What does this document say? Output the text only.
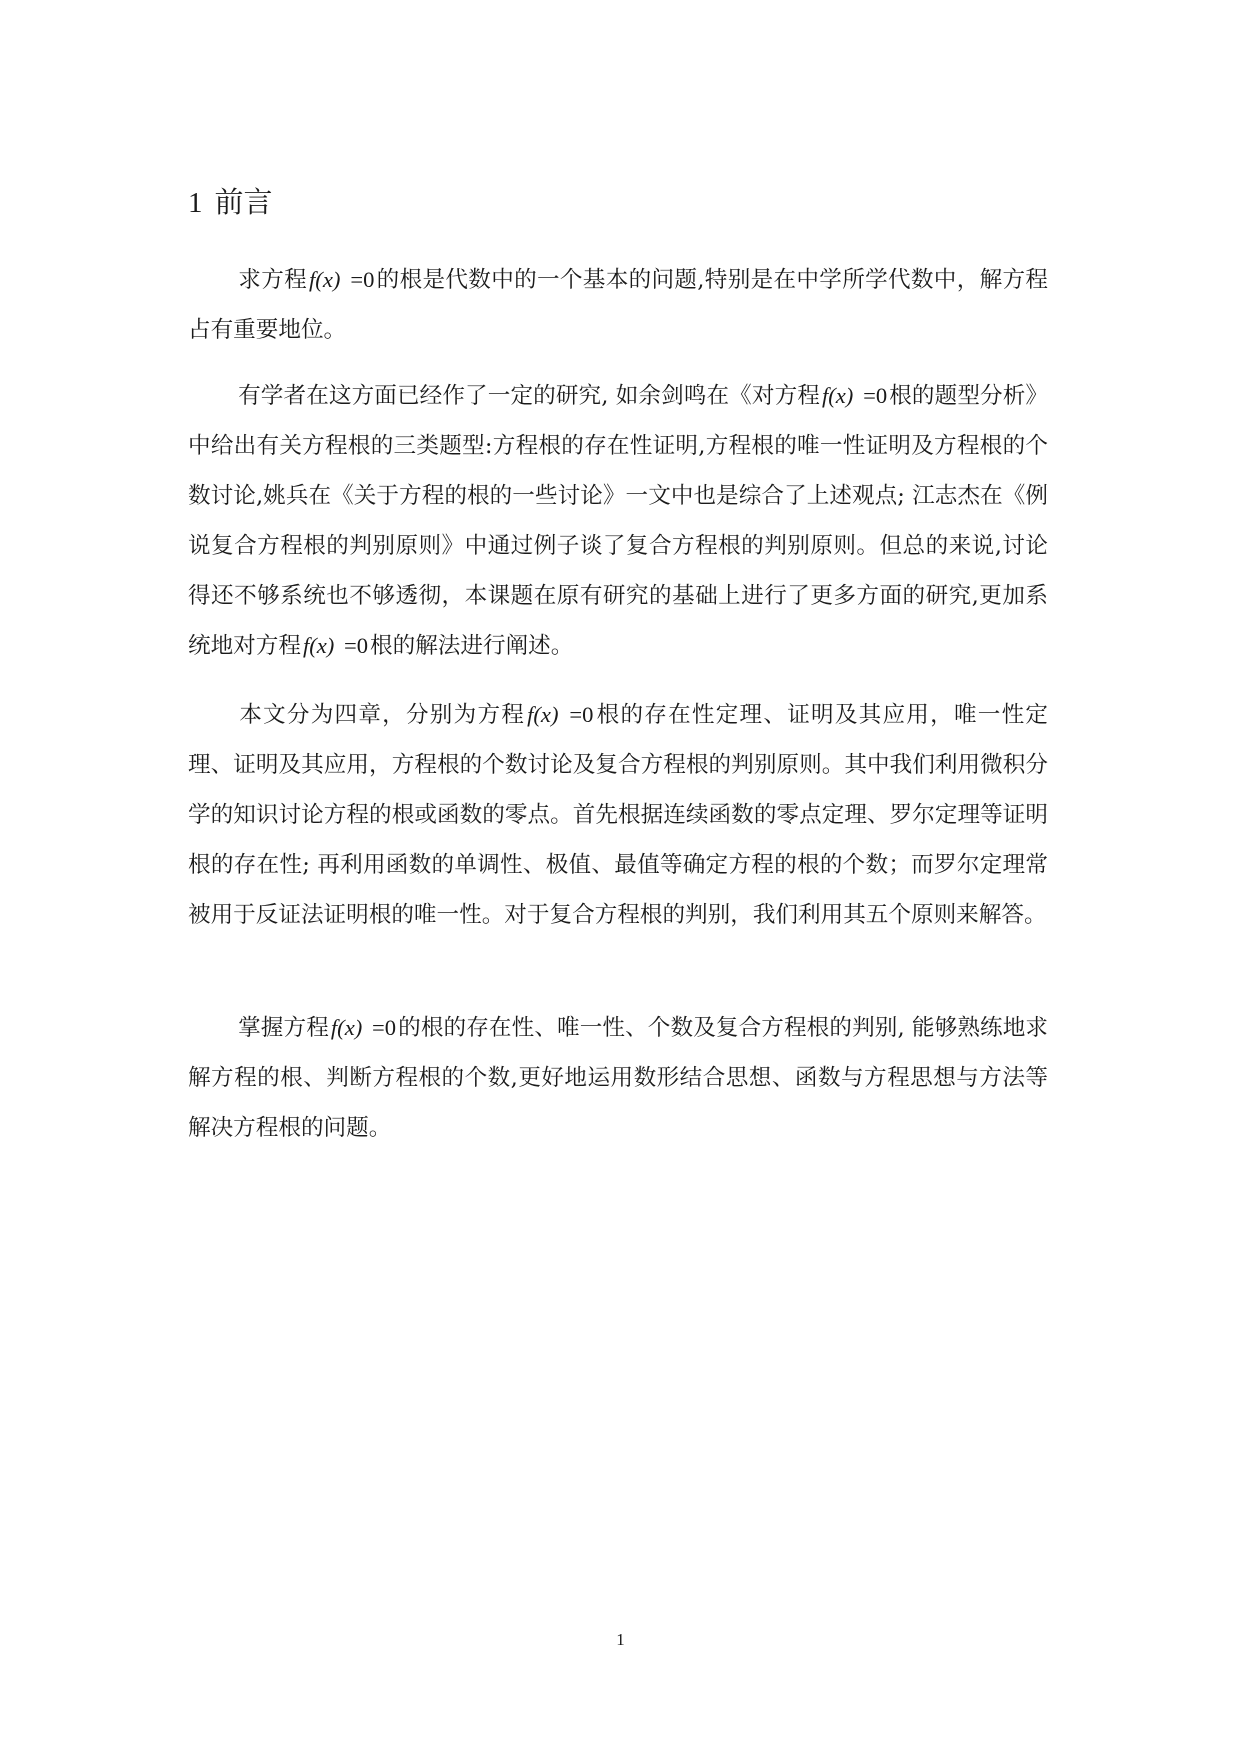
1 前言

求方程f(x) =0的根是代数中的一个基本的问题,特别是在中学所学代数中，解方程占有重要地位。

有学者在这方面已经作了一定的研究, 如余剑鸣在《对方程f(x) =0根的题型分析》中给出有关方程根的三类题型:方程根的存在性证明,方程根的唯一性证明及方程根的个数讨论,姚兵在《关于方程的根的一些讨论》一文中也是综合了上述观点; 江志杰在《例说复合方程根的判别原则》中通过例子谈了复合方程根的判别原则。但总的来说,讨论得还不够系统也不够透彻，本课题在原有研究的基础上进行了更多方面的研究,更加系统地对方程f(x) =0根的解法进行阐述。

本文分为四章，分别为方程f(x) =0根的存在性定理、证明及其应用，唯一性定理、证明及其应用，方程根的个数讨论及复合方程根的判别原则。其中我们利用微积分学的知识讨论方程的根或函数的零点。首先根据连续函数的零点定理、罗尔定理等证明根的存在性; 再利用函数的单调性、极值、最值等确定方程的根的个数；而罗尔定理常被用于反证法证明根的唯一性。对于复合方程根的判别，我们利用其五个原则来解答。

掌握方程f(x) =0的根的存在性、唯一性、个数及复合方程根的判别, 能够熟练地求解方程的根、判断方程根的个数,更好地运用数形结合思想、函数与方程思想与方法等解决方程根的问题。

1
